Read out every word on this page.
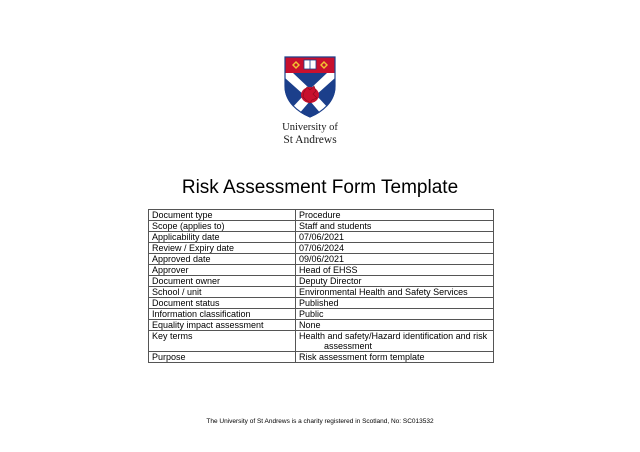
University of
St Andrews
Risk Assessment Form Template
Document type	Procedure
Scope (applies to)	Staff and students
Applicability date	07/06/2021
Review / Expiry date	07/06/2024
Approved date	09/06/2021
Approver	Head of EHSS
Document owner	Deputy Director
School / unit	Environmental Health and Safety Services
Document status	Published
Information classification	Public
Equality impact assessment	None
Key terms	Health and safety/Hazard identification and risk
assessment

Purpose	Risk assessment form template
The University of St Andrews is a charity registered in Scotland, No: SC013532
